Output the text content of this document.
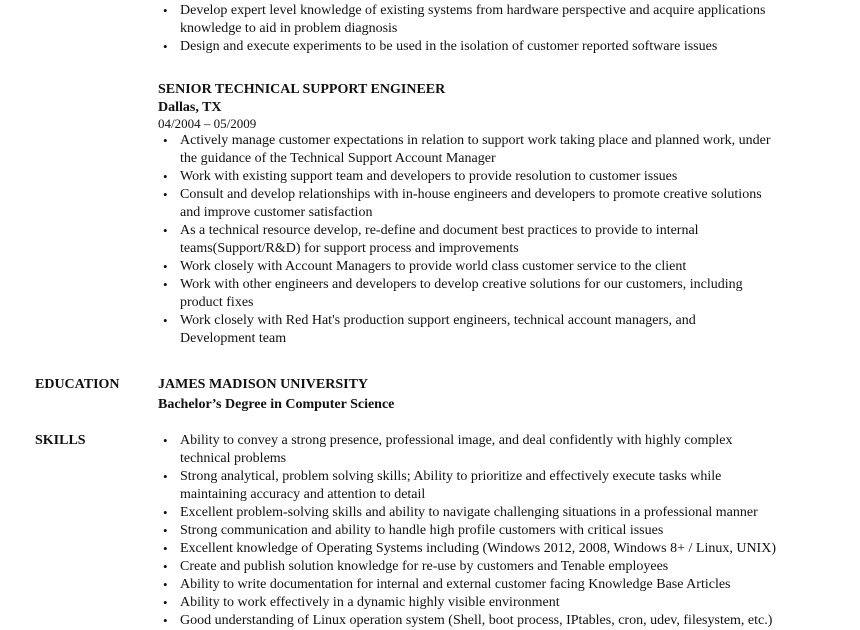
• Develop expert level knowledge of existing systems from hardware perspective and acquire applications
knowledge to aid in problem diagnosis
• Design and execute experiments to be used in the isolation of customer reported software issues
SENIOR TECHNICAL SUPPORT ENGINEER
Dallas, TX
04/2004 – 05/2009
• Actively manage customer expectations in relation to support work taking place and planned work, under
the guidance of the Technical Support Account Manager
• Work with existing support team and developers to provide resolution to customer issues
• Consult and develop relationships with in-house engineers and developers to promote creative solutions
and improve customer satisfaction
• As a technical resource develop, re-define and document best practices to provide to internal
teams(Support/R&D) for support process and improvements
• Work closely with Account Managers to provide world class customer service to the client
• Work with other engineers and developers to develop creative solutions for our customers, including
product fixes
• Work closely with Red Hat's production support engineers, technical account managers, and
Development team
EDUCATION	JAMES MADISON UNIVERSITY
Bachelor’s Degree in Computer Science
SKILLS	• Ability to convey a strong presence, professional image, and deal confidently with highly complex
technical problems
• Strong analytical, problem solving skills; Ability to prioritize and effectively execute tasks while
maintaining accuracy and attention to detail
• Excellent problem-solving skills and ability to navigate challenging situations in a professional manner
• Strong communication and ability to handle high profile customers with critical issues
• Excellent knowledge of Operating Systems including (Windows 2012, 2008, Windows 8+ / Linux, UNIX)
• Create and publish solution knowledge for re-use by customers and Tenable employees
• Ability to write documentation for internal and external customer facing Knowledge Base Articles
• Ability to work effectively in a dynamic highly visible environment
• Good understanding of Linux operation system (Shell, boot process, IPtables, cron, udev, filesystem, etc.)
